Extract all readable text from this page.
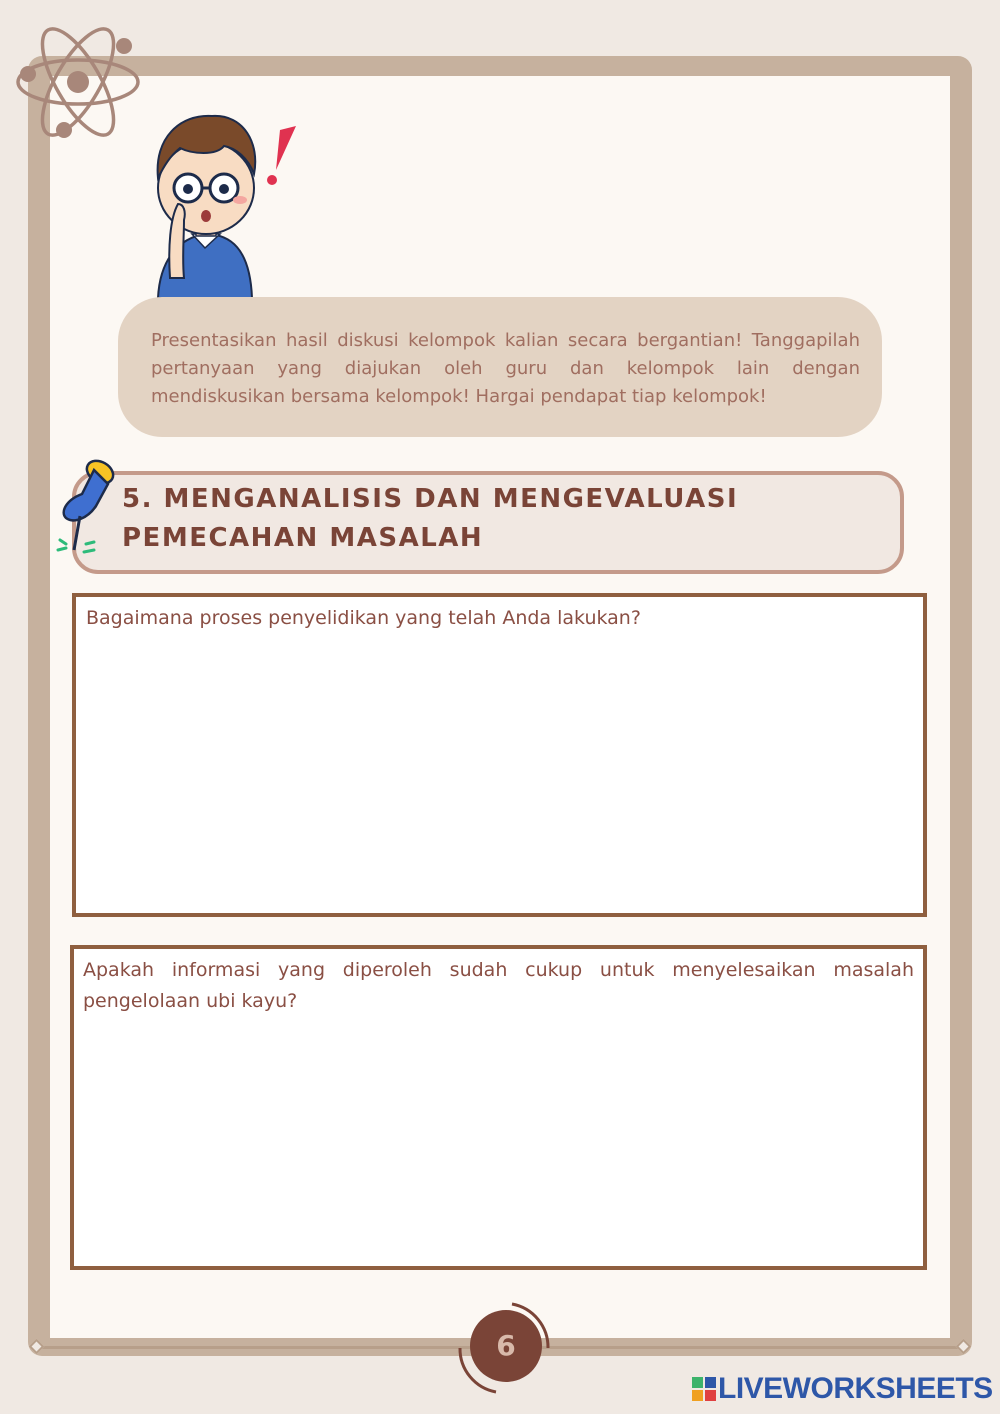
Presentasikan hasil diskusi kelompok kalian secara bergantian! Tanggapilah pertanyaan yang diajukan oleh guru dan kelompok lain dengan mendiskusikan bersama kelompok! Hargai pendapat tiap kelompok!

5. MENGANALISIS DAN MENGEVALUASI PEMECAHAN MASALAH

Bagaimana proses penyelidikan yang telah Anda lakukan?

Apakah informasi yang diperoleh sudah cukup untuk menyelesaikan masalah pengelolaan ubi kayu?

6
LIVEWORKSHEETS
